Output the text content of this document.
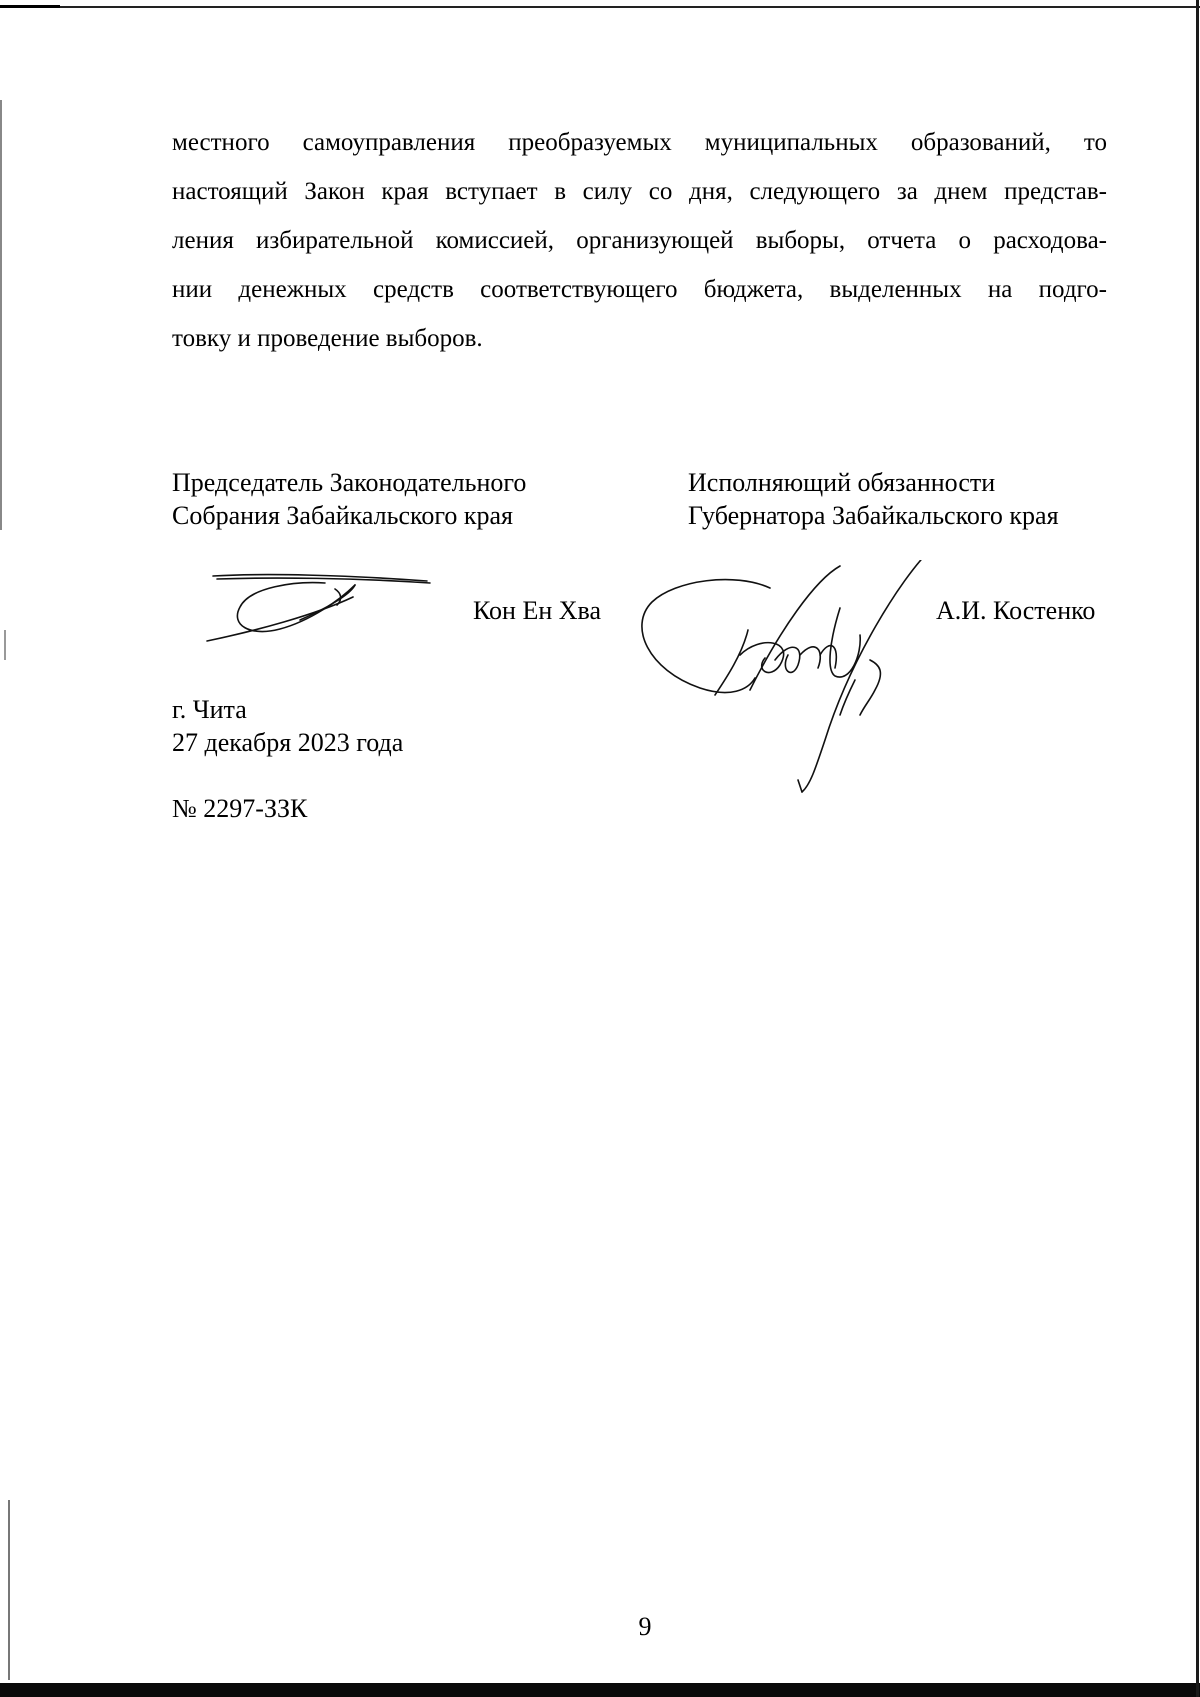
местного самоуправления преобразуемых муниципальных образований, то
настоящий Закон края вступает в силу со дня, следующего за днем представ-
ления избирательной комиссией, организующей выборы, отчета о расходова-
нии денежных средств соответствующего бюджета, выделенных на подго-
товку и проведение выборов.
Председатель Законодательного
Собрания Забайкальского края
Исполняющий обязанности
Губернатора Забайкальского края
Кон Ен Хва	А.И. Костенко
г. Чита
27 декабря 2023 года
№ 2297-ЗЗК
9
